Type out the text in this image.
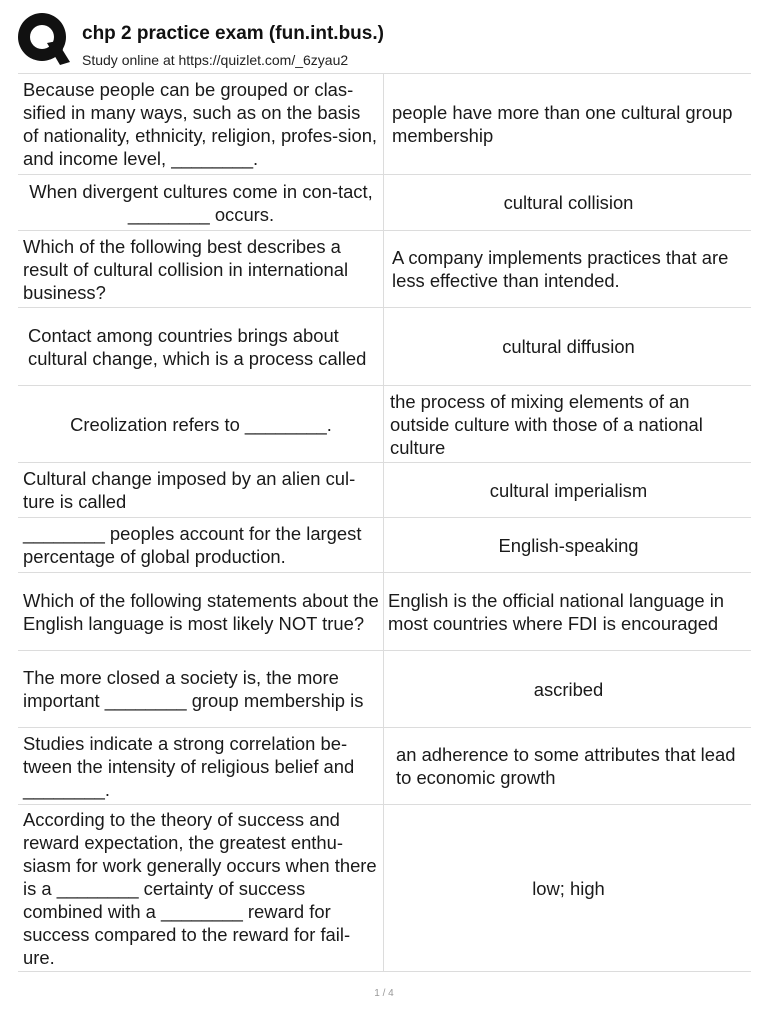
chp 2 practice exam (fun.int.bus.)
Study online at https://quizlet.com/_6zyau2
Because people can be grouped or clas-sified in many ways, such as on the basis of nationality, ethnicity, religion, profes-sion, and income level, ________.
people have more than one cultural group membership
When divergent cultures come in con-tact, ________ occurs.
cultural collision
Which of the following best describes a result of cultural collision in international business?
A company implements practices that are less effective than intended.
Contact among countries brings about cultural change, which is a process called
cultural diffusion
Creolization refers to ________.
the process of mixing elements of an outside culture with those of a national culture
Cultural change imposed by an alien cul-ture is called
cultural imperialism
________ peoples account for the largest percentage of global production.
English-speaking
Which of the following statements about the English language is most likely NOT true?
English is the official national language in most countries where FDI is encouraged
The more closed a society is, the more important ________ group membership is
ascribed
Studies indicate a strong correlation be-tween the intensity of religious belief and ________.
an adherence to some attributes that lead to economic growth
According to the theory of success and reward expectation, the greatest enthu-siasm for work generally occurs when there is a ________ certainty of success combined with a ________ reward for success compared to the reward for fail-ure.
low; high
1 / 4
